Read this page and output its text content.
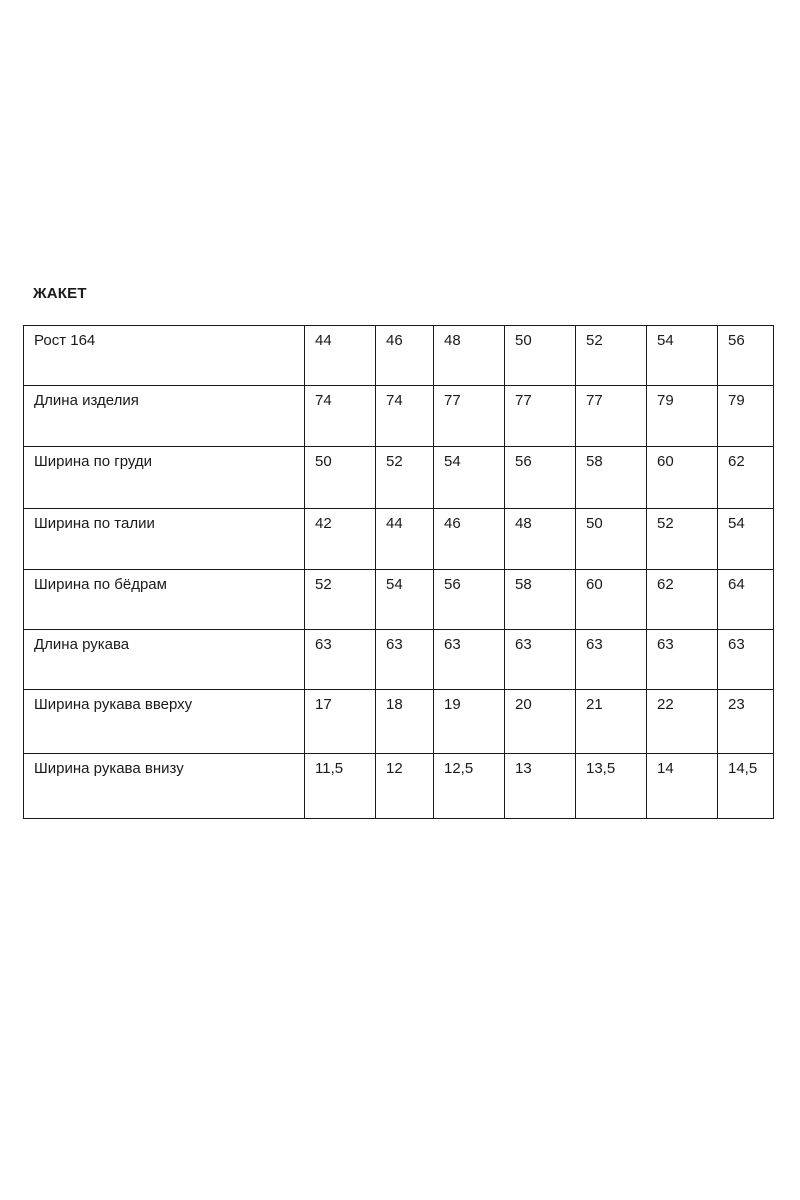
ЖАКЕТ
Рост 164	44	46	48	50	52	54	56
Длина изделия	74	74	77	77	77	79	79
Ширина по груди	50	52	54	56	58	60	62
Ширина по талии	42	44	46	48	50	52	54
Ширина по бёдрам	52	54	56	58	60	62	64
Длина рукава	63	63	63	63	63	63	63
Ширина рукава вверху	17	18	19	20	21	22	23
Ширина рукава внизу	11,5	12	12,5	13	13,5	14	14,5
